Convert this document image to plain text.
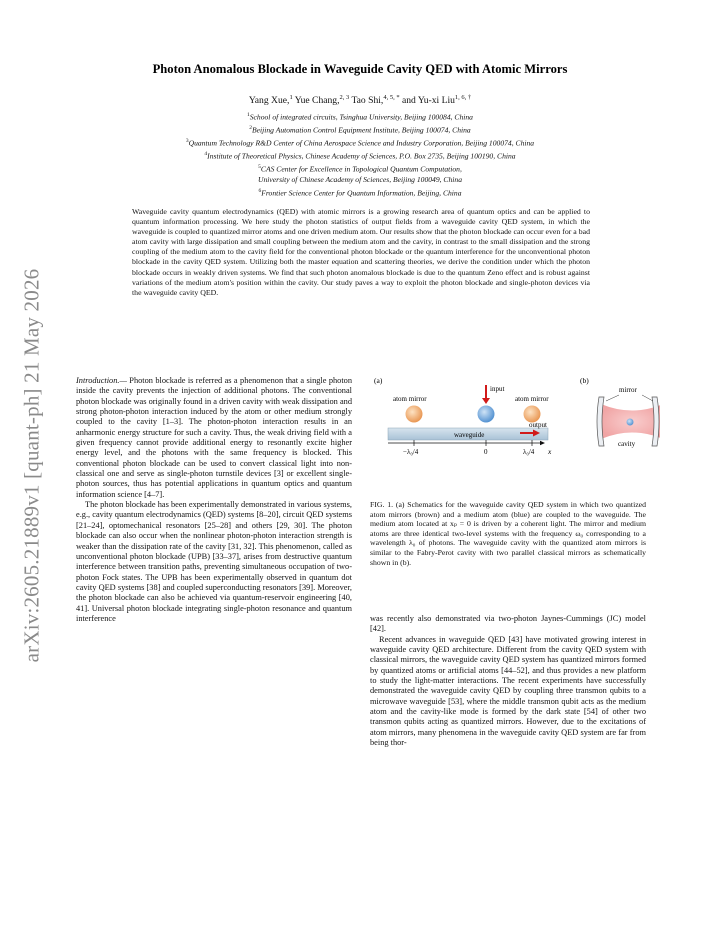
arXiv:2605.21889v1 [quant-ph] 21 May 2026
Photon Anomalous Blockade in Waveguide Cavity QED with Atomic Mirrors
Yang Xue,$^1$ Yue Chang,$^{2, 3}$ Tao Shi,$^{4, 5, *}$ and Yu-xi Liu$^{1, 6, \dagger}$
$^1$School of integrated circuits, Tsinghua University, Beijing 100084, China
$^2$Beijing Automation Control Equipment Institute, Beijing 100074, China
$^3$Quantum Technology R&D Center of China Aerospace Science and Industry Corporation, Beijing 100074, China
$^4$Institute of Theoretical Physics, Chinese Academy of Sciences, P.O. Box 2735, Beijing 100190, China
$^5$CAS Center for Excellence in Topological Quantum Computation,
University of Chinese Academy of Sciences, Beijing 100049, China
$^6$Frontier Science Center for Quantum Information, Beijing, China

Waveguide cavity quantum electrodynamics (QED) with atomic mirrors is a growing research area of quantum optics and can be applied to quantum information processing. We here study the photon statistics of output fields from a waveguide cavity QED system, in which the waveguide is coupled to quantized mirror atoms and one driven medium atom. Our results show that the photon blockade can occur even for a bad atom cavity with large dissipation and small coupling between the medium atom and the cavity, in contrast to the small dissipation and the strong coupling of the medium atom to the cavity field for the conventional photon blockade or the quantum interference for the unconventional photon blockade in the cavity QED system. Utilizing both the master equation and scattering theories, we derive the condition under which the photon blockade occurs in weakly driven systems. We find that such photon anomalous blockade is due to the quantum Zeno effect and is robust against variations of the medium atom's position within the cavity. Our study paves a way to exploit the photon blockade and single-photon devices via the waveguide cavity QED.

Introduction.— Photon blockade is referred as a phenomenon that a single photon inside the cavity prevents the injection of additional photons. The conventional photon blockade was originally found in a driven cavity with weak dissipation and strong photon-photon interaction induced by the atom or other medium strongly coupled to the cavity [1–3]. The photon-photon interaction results in an anharmonic energy structure for such a cavity. Thus, the weak driving field with a given frequency cannot provide additional energy to resonantly excite higher energy level, and the photons with the same frequency is blocked. This conventional photon blockade can be used to convert classical light into non-classical one and serve as single-photon turnstile devices [3] or excellent single-photon sources, thus has potential applications in quantum optics and quantum information science [4–7].

The photon blockade has been experimentally demonstrated in various systems, e.g., cavity quantum electrodynamics (QED) systems [8–20], circuit QED systems [21–24], optomechanical resonators [25–28] and others [29, 30]. The photon blockade can also occur when the nonlinear photon-photon interaction strength is weaker than the dissipation rate of the cavity [31, 32]. This phenomenon, called as unconventional photon blockade (UPB) [33–37], arises from destructive quantum interference between transition paths, preventing simultaneous occupation of two-photon Fock states. The UPB has been experimentally observed in quantum dot cavity QED systems [38] and coupled superconducting resonators [39]. Moreover, the photon blockade can also be achieved via quantum-reservoir engineering [40, 41]. Universal photon blockade integrating single-photon resonance and quantum interference

(a)
atom mirror	atom mirror
input
waveguide
output
−λ₀/4	0	λ₀/4 x
(b)
mirror
cavity

FIG. 1. (a) Schematics for the waveguide cavity QED system in which two quantized atom mirrors (brown) and a medium atom (blue) are coupled to the waveguide. The medium atom located at xₚ = 0 is driven by a coherent light. The mirror and medium atoms are three identical two-level systems with the frequency ω₀ corresponding to a wavelength λ₀ of photons. The waveguide cavity with the quantized atom mirrors is similar to the Fabry-Perot cavity with two parallel classical mirrors as schematically shown in (b).

was recently also demonstrated via two-photon Jaynes-Cummings (JC) model [42].

Recent advances in waveguide QED [43] have motivated growing interest in waveguide cavity QED architecture. Different from the cavity QED system with classical mirrors, the waveguide cavity QED system has quantized mirrors formed by quantized atoms or artificial atoms [44–52], and thus provides a new platform to study the light-matter interactions. The recent experiments have successfully demonstrated the waveguide cavity QED by coupling three transmon qubits to a microwave waveguide [53], where the middle transmon qubit acts as the medium atom and the cavity-like mode is formed by the dark state [54] of other two transmon qubits acting as quantized mirrors. However, due to the excitations of atom mirrors, many phenomena in the waveguide cavity QED system are far from being thor-
